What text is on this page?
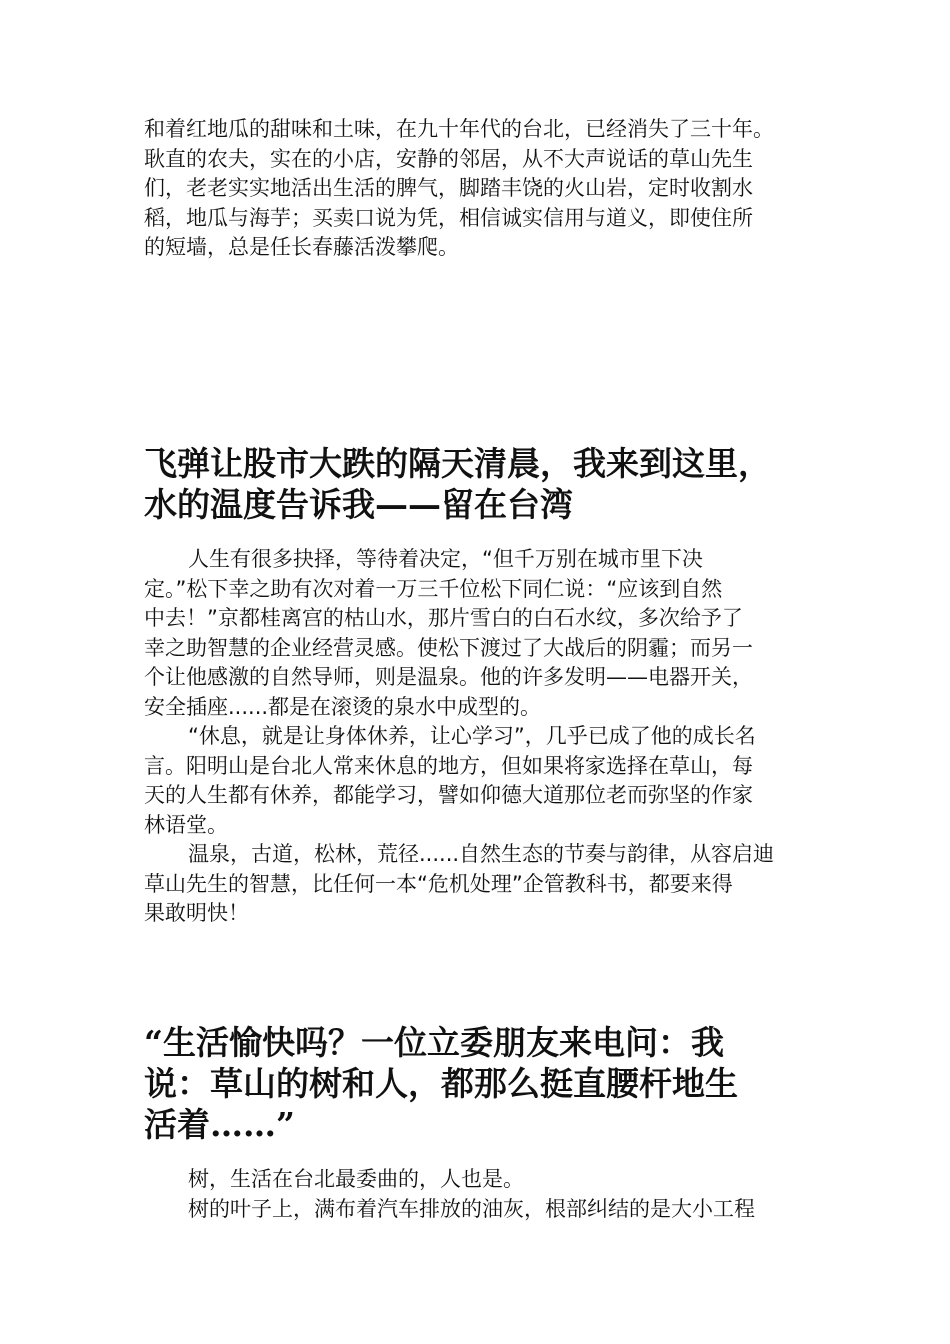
和着红地瓜的甜味和土味，在九十年代的台北，已经消失了三十年。
耿直的农夫，实在的小店，安静的邻居，从不大声说话的草山先生
们，老老实实地活出生活的脾气，脚踏丰饶的火山岩，定时收割水
稻，地瓜与海芋；买卖口说为凭，相信诚实信用与道义，即使住所
的短墙，总是任长春藤活泼攀爬。
飞弹让股市大跌的隔天清晨，我来到这里，
水的温度告诉我——留在台湾
人生有很多抉择，等待着决定，“但千万别在城市里下决
定。”松下幸之助有次对着一万三千位松下同仁说：“应该到自然
中去！”京都桂离宫的枯山水，那片雪白的白石水纹，多次给予了
幸之助智慧的企业经营灵感。使松下渡过了大战后的阴霾；而另一
个让他感激的自然导师，则是温泉。他的许多发明——电器开关，
安全插座......都是在滚烫的泉水中成型的。
“休息，就是让身体休养，让心学习”，几乎已成了他的成长名
言。阳明山是台北人常来休息的地方，但如果将家选择在草山，每
天的人生都有休养，都能学习，譬如仰德大道那位老而弥坚的作家
林语堂。
温泉，古道，松林，荒径......自然生态的节奏与韵律，从容启迪
草山先生的智慧，比任何一本“危机处理”企管教科书，都要来得
果敢明快！
“生活愉快吗？一位立委朋友来电问：我
说：草山的树和人，都那么挺直腰杆地生
活着……”
树，生活在台北最委曲的，人也是。
树的叶子上，满布着汽车排放的油灰，根部纠结的是大小工程
